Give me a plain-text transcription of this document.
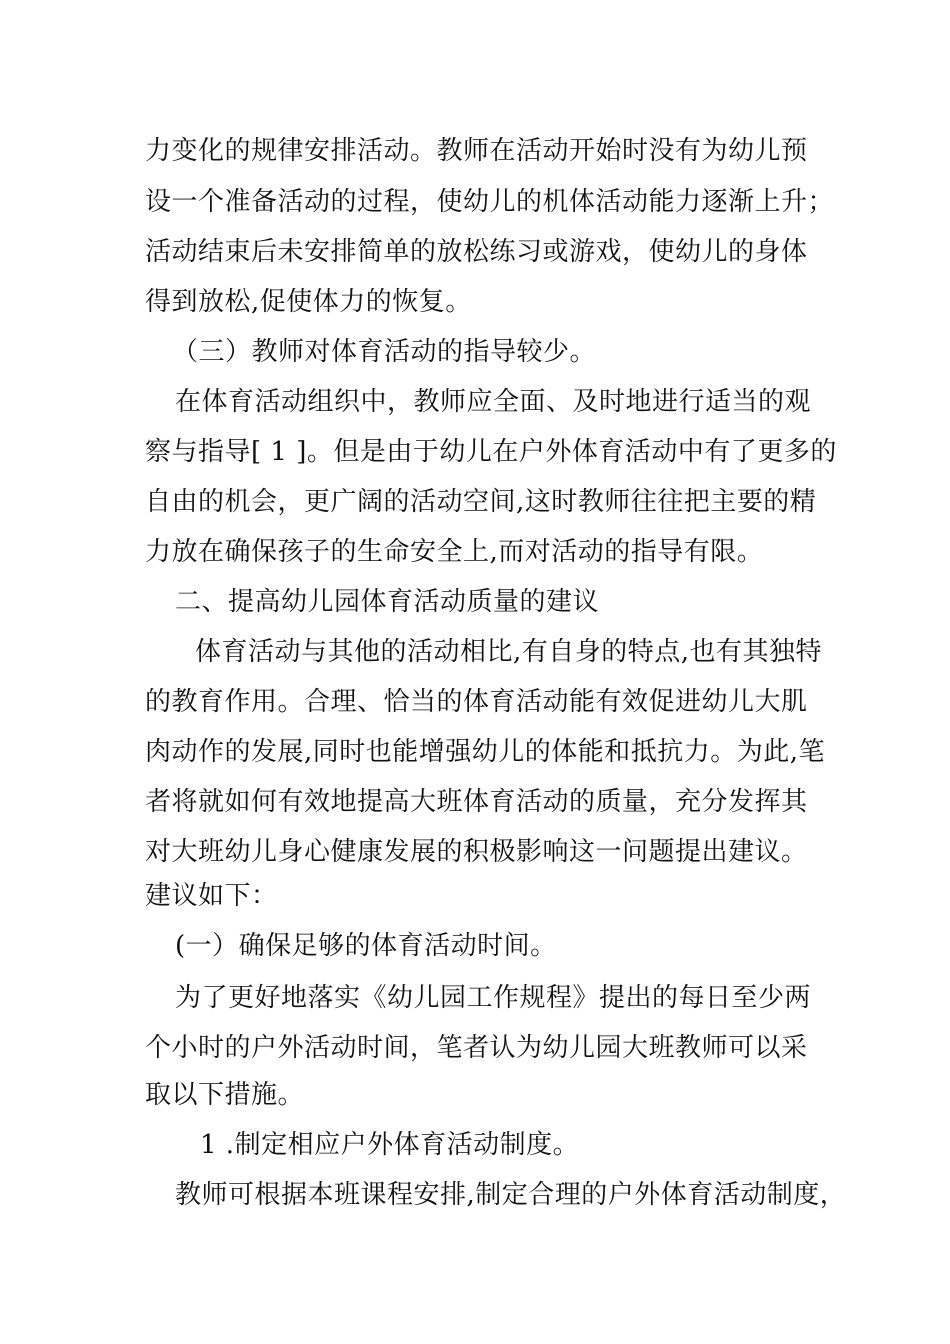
力变化的规律安排活动。教师在活动开始时没有为幼儿预
设一个准备活动的过程，使幼儿的机体活动能力逐渐上升；
活动结束后未安排简单的放松练习或游戏，使幼儿的身体
得到放松,促使体力的恢复。
（三）教师对体育活动的指导较少。
在体育活动组织中，教师应全面、及时地进行适当的观
察与指导[ 1 ]。但是由于幼儿在户外体育活动中有了更多的
自由的机会，更广阔的活动空间,这时教师往往把主要的精
力放在确保孩子的生命安全上,而对活动的指导有限。
二、提高幼儿园体育活动质量的建议
体育活动与其他的活动相比,有自身的特点,也有其独特
的教育作用。合理、恰当的体育活动能有效促进幼儿大肌
肉动作的发展,同时也能增强幼儿的体能和抵抗力。为此,笔
者将就如何有效地提高大班体育活动的质量，充分发挥其
对大班幼儿身心健康发展的积极影响这一问题提出建议。
建议如下：
(一）确保足够的体育活动时间。
为了更好地落实《幼儿园工作规程》提出的每日至少两
个小时的户外活动时间，笔者认为幼儿园大班教师可以采
取以下措施。
1 .制定相应户外体育活动制度。
教师可根据本班课程安排,制定合理的户外体育活动制度，
